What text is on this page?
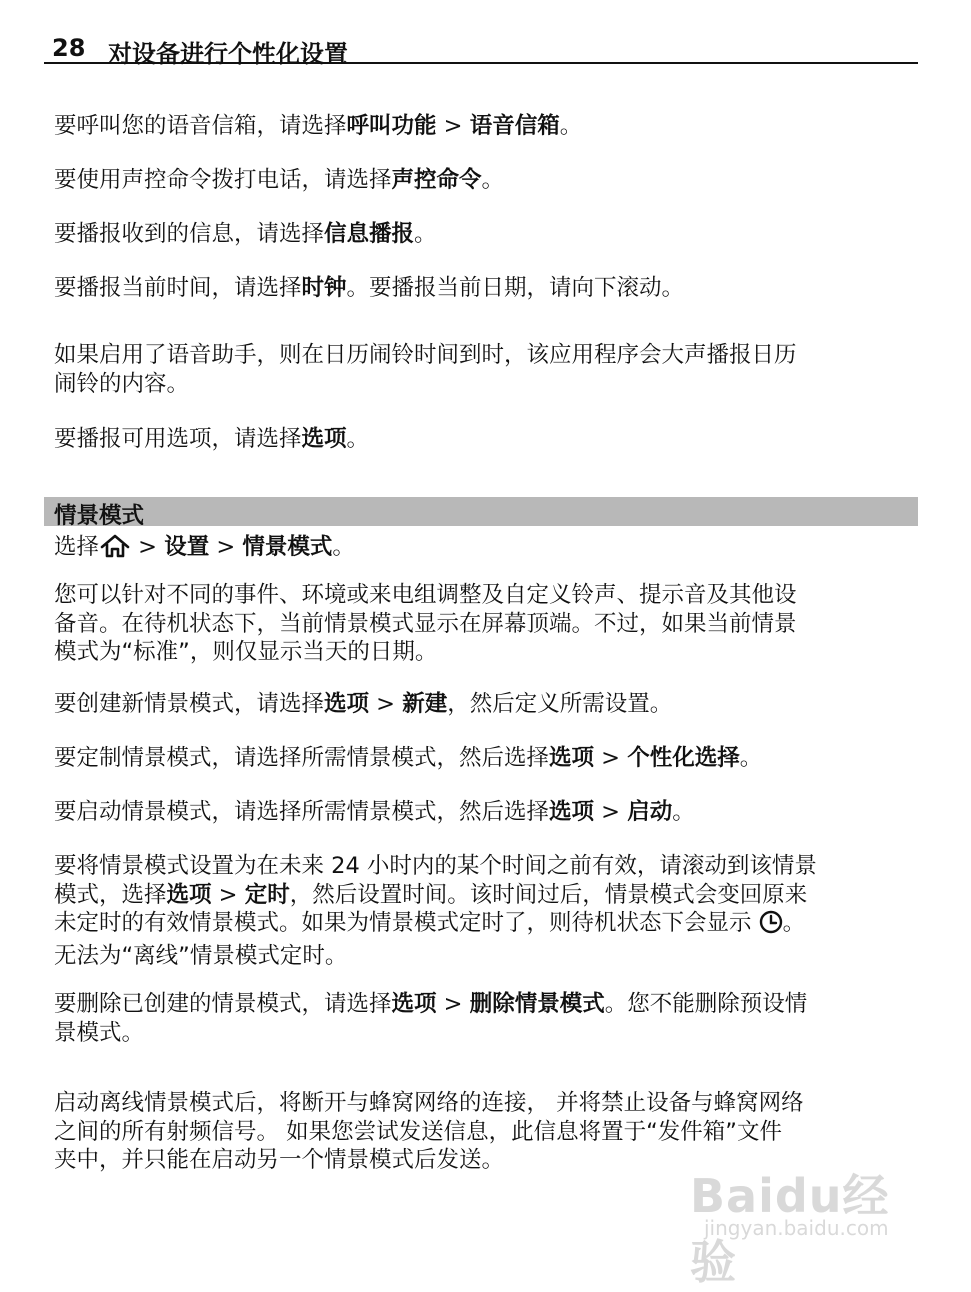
28 对设备进行个性化设置

要呼叫您的语音信箱，请选择呼叫功能 > 语音信箱。

要使用声控命令拨打电话，请选择声控命令。

要播报收到的信息，请选择信息播报。

要播报当前时间，请选择时钟。要播报当前日期，请向下滚动。

如果启用了语音助手，则在日历闹铃时间到时，该应用程序会大声播报日历
闹铃的内容。

要播报可用选项，请选择选项。

情景模式

选择 > 设置 > 情景模式。

您可以针对不同的事件、环境或来电组调整及自定义铃声、提示音及其他设
备音。在待机状态下，当前情景模式显示在屏幕顶端。不过，如果当前情景
模式为“标准”，则仅显示当天的日期。

要创建新情景模式，请选择选项 > 新建，然后定义所需设置。

要定制情景模式，请选择所需情景模式，然后选择选项 > 个性化选择。

要启动情景模式，请选择所需情景模式，然后选择选项 > 启动。

要将情景模式设置为在未来 24 小时内的某个时间之前有效，请滚动到该情景
模式，选择选项 > 定时，然后设置时间。该时间过后，情景模式会变回原来
未定时的有效情景模式。如果为情景模式定时了，则待机状态下会显示 。
无法为“离线”情景模式定时。

要删除已创建的情景模式，请选择选项 > 删除情景模式。您不能删除预设情
景模式。

启动离线情景模式后，将断开与蜂窝网络的连接， 并将禁止设备与蜂窝网络
之间的所有射频信号。 如果您尝试发送信息，此信息将置于“发件箱”文件
夹中，并只能在启动另一个情景模式后发送。

Baidu经验
jingyan.baidu.com
